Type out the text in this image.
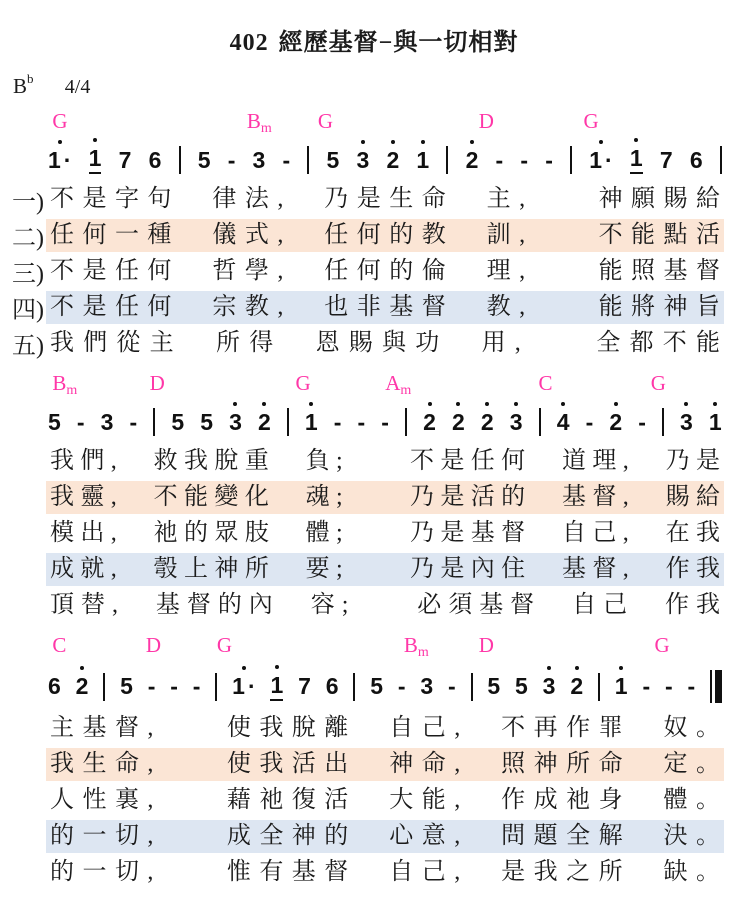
402 經歷基督−與一切相對
$B^b$ 4/4
G	Bm G	D	G
1 ·	1 7 6 5 - 3 - 5 3 2 1 2 - - - 1 ·	1 7 6
一) 不是字句　律法,　乃是生命　主,　　神願賜給
二) 任何一種　儀式,　任何的教　訓,　　不能點活
三) 不是任何　哲學,　任何的倫　理,　　能照基督
四) 不是任何　宗教,　也非基督　教,　　能將神旨
五) 我們從主　所得　恩賜與功　用,　　全都不能
Bm	D	G	Am	C	G
5 - 3 - 5 5 3 2 1 - - - 2 2 2 3 4 - 2 - 3 1
我們,　救我脫重　負;　　不是任何　道理,　乃是
我靈,　不能變化　魂;　　乃是活的　基督,　賜給
模出,　祂的眾肢　體;　　乃是基督　自己,　在我
成就,　彀上神所　要;　　乃是內住　基督,　作我
頂替,　基督的內　容;　　必須基督　自己　作我
C	D	G	Bm D	G
6 2 5 - - - 1 ·	1 7 6 5 - 3 - 5 5 3 2 1 - - -
主基督,　　使我脫離　自己,　不再作罪　奴。
我生命,　　使我活出　神命,　照神所命　定。
人性裏,　　藉祂復活　大能,　作成祂身　體。
的一切,　　成全神的　心意,　問題全解　決。
的一切,　　惟有基督　自己,　是我之所　缺。
